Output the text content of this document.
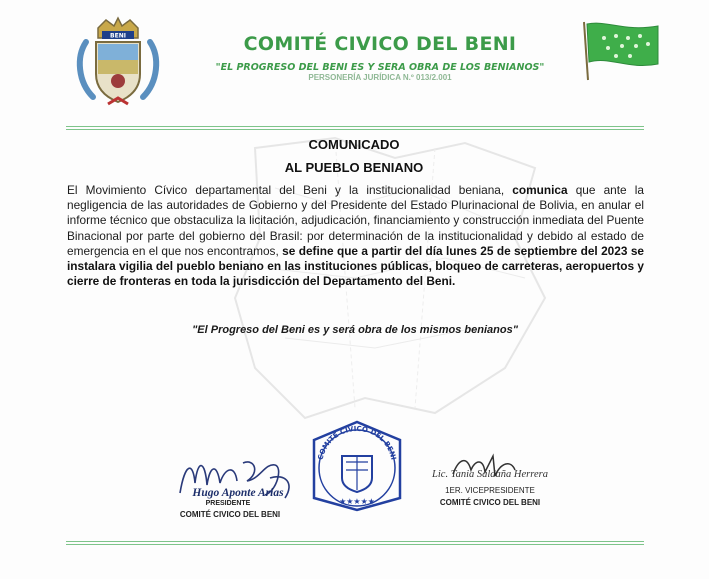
BENI	COMITÉ CIVICO DEL BENI
"EL PROGRESO DEL BENI ES Y SERA OBRA DE LOS BENIANOS"
PERSONERÍA JURÍDICA N.º 013/2.001
COMUNICADO
AL PUEBLO BENIANO
El Movimiento Cívico departamental del Beni y la institucionalidad beniana, comunica que ante la negligencia de las autoridades de Gobierno y del Presidente del Estado Plurinacional de Bolivia, en anular el informe técnico que obstaculiza la licitación, adjudicación, financiamiento y construcción inmediata del Puente Binacional por parte del gobierno del Brasil: por determinación de la institucionalidad y debido al estado de emergencia en el que nos encontramos, se define que a partir del día lunes 25 de septiembre del 2023 se instalara vigilia del pueblo beniano en las instituciones públicas, bloqueo de carreteras, aeropuertos y cierre de fronteras en toda la jurisdicción del Departamento del Beni.
"El Progreso del Beni es y será obra de los mismos benianos"
Hugo Aponte Arias
PRESIDENTE
COMITÉ CIVICO DEL BENI
COMITE CIVICO DEL BENI
★★★★★
Lic. Tania Saldaña Herrera
1ER. VICEPRESIDENTE
COMITÉ CIVICO DEL BENI
